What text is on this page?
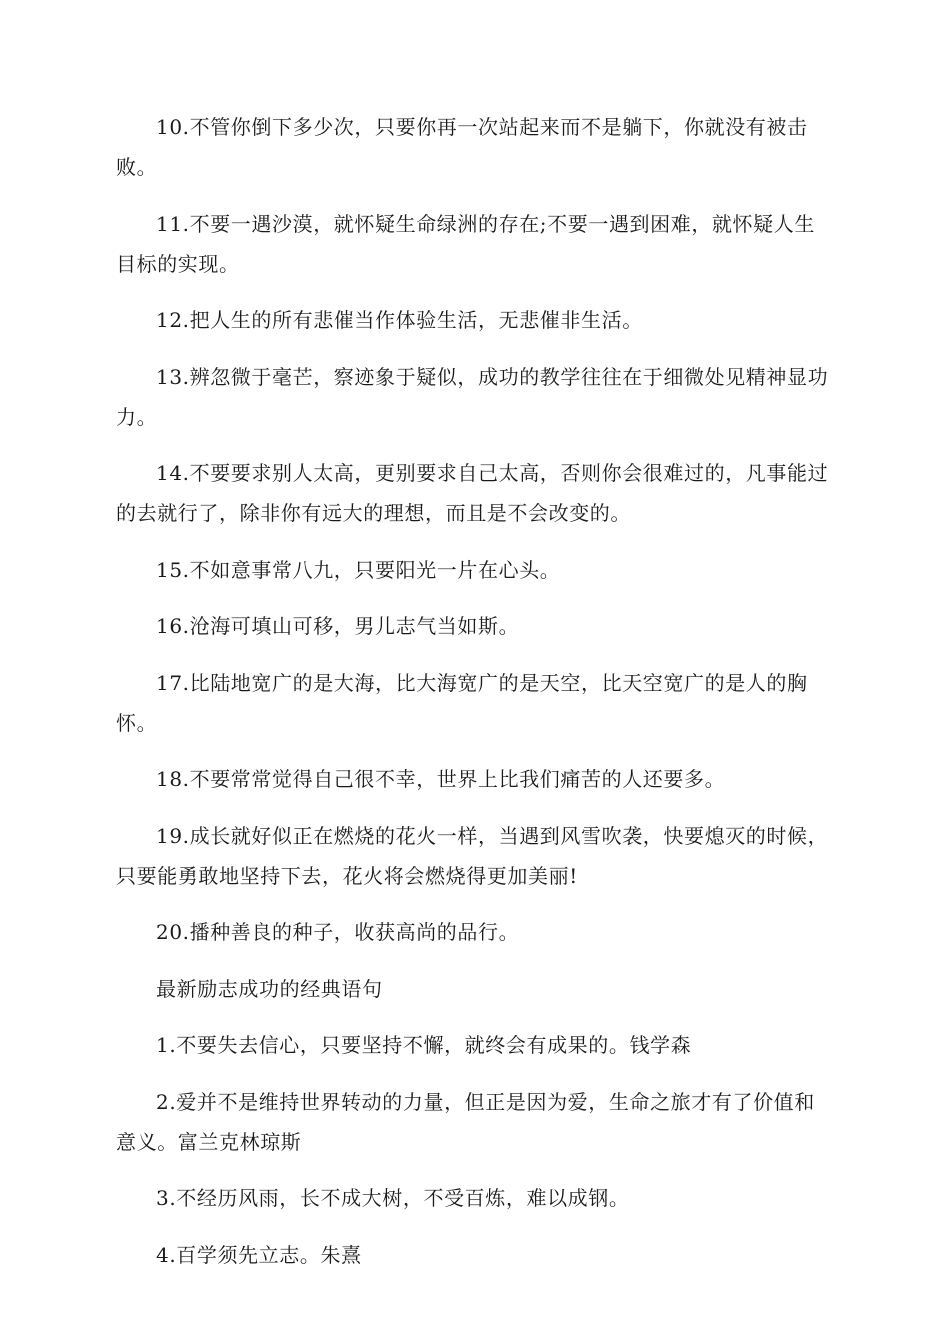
10.不管你倒下多少次，只要你再一次站起来而不是躺下，你就没有被击败。

11.不要一遇沙漠，就怀疑生命绿洲的存在;不要一遇到困难，就怀疑人生目标的实现。

12.把人生的所有悲催当作体验生活，无悲催非生活。

13.辨忽微于毫芒，察迹象于疑似，成功的教学往往在于细微处见精神显功力。

14.不要要求别人太高，更别要求自己太高，否则你会很难过的，凡事能过的去就行了，除非你有远大的理想，而且是不会改变的。

15.不如意事常八九，只要阳光一片在心头。

16.沧海可填山可移，男儿志气当如斯。

17.比陆地宽广的是大海，比大海宽广的是天空，比天空宽广的是人的胸怀。

18.不要常常觉得自己很不幸，世界上比我们痛苦的人还要多。

19.成长就好似正在燃烧的花火一样，当遇到风雪吹袭，快要熄灭的时候，只要能勇敢地坚持下去，花火将会燃烧得更加美丽!

20.播种善良的种子，收获高尚的品行。

最新励志成功的经典语句

1.不要失去信心，只要坚持不懈，就终会有成果的。钱学森

2.爱并不是维持世界转动的力量，但正是因为爱，生命之旅才有了价值和意义。富兰克林琼斯

3.不经历风雨，长不成大树，不受百炼，难以成钢。

4.百学须先立志。朱熹
